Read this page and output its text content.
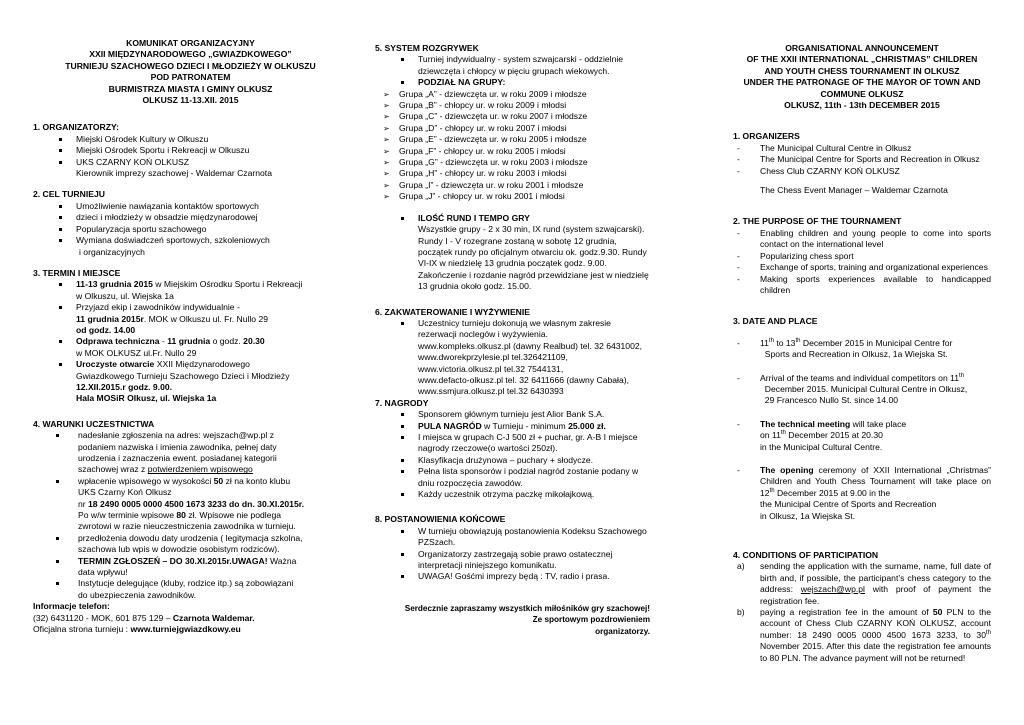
KOMUNIKAT ORGANIZACYJNY
XXII MIĘDZYNARODOWEGO „GWIAZDKOWEGO”
TURNIEJU SZACHOWEGO DZIECI I MŁODZIEŻY W OLKUSZU
POD PATRONATEM
BURMISTRZA MIASTA I GMINY OLKUSZ
OLKUSZ 11-13.XII. 2015
1. ORGANIZATORZY:
Miejski Ośrodek Kultury w Olkuszu
Miejski Ośrodek Sportu i Rekreacji w Olkuszu
UKS CZARNY KOŃ OLKUSZ
Kierownik imprezy szachowej - Waldemar Czarnota
2. CEL TURNIEJU
Umożliwienie nawiązania kontaktów sportowych
dzieci i młodzieży w obsadzie międzynarodowej
Popularyzacja sportu szachowego
Wymiana doświadczeń sportowych, szkoleniowych
i organizacyjnych
3. TERMIN I MIEJSCE
11-13 grudnia 2015 w Miejskim Ośrodku Sportu i Rekreacji
w Olkuszu, ul. Wiejska 1a
Przyjazd ekip i zawodników indywidualnie -
11 grudnia 2015r. MOK w Olkuszu ul. Fr. Nullo 29
od godz. 14.00
Odprawa techniczna - 11 grudnia o godz. 20.30
w MOK OLKUSZ ul.Fr. Nullo 29
Uroczyste otwarcie XXII Międzynarodowego
Gwiazdkowego Turnieju Szachowego Dzieci i Młodzieży
12.XII.2015.r godz. 9.00.
Hala MOSiR Olkusz, ul. Wiejska 1a
4. WARUNKI UCZESTNICTWA
nadesłanie zgłoszenia na adres: wejszach@wp.pl z
podaniem nazwiska i imienia zawodnika, pełnej daty
urodzenia i zaznaczenia ewent. posiadanej kategorii
szachowej wraz z potwierdzeniem wpisowego
wpłacenie wpisowego w wysokości 50 zł na konto klubu
UKS Czarny Koń Olkusz
nr 18 2490 0005 0000 4500 1673 3233 do dn. 30.XI.2015r.
Po w/w terminie wpisowe 80 zł. Wpisowe nie podlega
zwrotowi w razie nieuczestniczenia zawodnika w turnieju.
przedłożenia dowodu daty urodzenia ( legitymacja szkolna,
szachowa lub wpis w dowodzie osobistym rodziców).
TERMIN ZGŁOSZEŃ – DO 30.XI.2015r.UWAGA! Ważna
data wpływu!
Instytucje delegujące (kluby, rodzice itp.) są zobowiązani
do ubezpieczenia zawodników.
Informacje telefon:
(32) 6431120 - MOK, 601 875 129 – Czarnota Waldemar.
Oficjalna strona turnieju : www.turniejgwiazdkowy.eu
5. SYSTEM ROZGRYWEK
Turniej indywidualny - system szwajcarski - oddzielnie
dziewczęta i chłopcy w pięciu grupach wiekowych.
PODZIAŁ NA GRUPY:
➢ Grupa „A” - dziewczęta ur. w roku 2009 i młodsze
➢ Grupa „B” - chłopcy ur. w roku 2009 i młodsi
➢ Grupa „C” - dziewczęta ur. w roku 2007 i młodsze
➢ Grupa „D” - chłopcy ur. w roku 2007 i młodsi
➢ Grupa „E” - dziewczęta ur. w roku 2005 i młodsze
➢ Grupa „F” - chłopcy ur. w roku 2005 i młodsi
➢ Grupa „G” - dziewczęta ur. w roku 2003 i młodsze
➢ Grupa „H” - chłopcy ur. w roku 2003 i młodsi
➢ Grupa „I” - dziewczęta ur. w roku 2001 i młodsze
➢ Grupa „J” - chłopcy ur. w roku 2001 i młodsi
ILOŚĆ RUND I TEMPO GRY
Wszystkie grupy - 2 x 30 min, IX rund (system szwajcarski).
Rundy I - V rozegrane zostaną w sobotę 12 grudnia,
początek rundy po oficjalnym otwarciu ok. godz.9.30. Rundy
VI-IX w niedzielę 13 grudnia początek godz. 9.00.
Zakończenie i rozdanie nagród przewidziane jest w niedzielę
13 grudnia około godz. 15.00.
6. ZAKWATEROWANIE I WYŻYWIENIE
Uczestnicy turnieju dokonują we własnym zakresie
rezerwacji noclegów i wyżywienia.
www.kompleks.olkusz.pl (dawny Realbud) tel. 32 6431002,
www.dworekprzylesie.pl tel.326421109,
www.victoria.olkusz.pl tel.32 7544131,
www.defacto-olkusz.pl tel. 32 6411666 (dawny Cabała),
www.ssmjura.olkusz.pl tel.32 6430393
7. NAGRODY
Sponsorem głównym turnieju jest Alior Bank S.A.
PULA NAGRÓD w Turnieju - minimum 25.000 zł.
I miejsca w grupach C-J 500 zł + puchar, gr. A-B I miejsce
nagrody rzeczowe(o wartości 250zł).
Klasyfikacja drużynowa – puchary + słodycze.
Pełna lista sponsorów i podział nagród zostanie podany w
dniu rozpoczęcia zawodów.
Każdy uczestnik otrzyma paczkę mikołajkową.
8. POSTANOWIENIA KOŃCOWE
W turnieju obowiązują postanowienia Kodeksu Szachowego
PZSzach.
Organizatorzy zastrzegają sobie prawo ostatecznej
interpretacji niniejszego komunikatu.
UWAGA! Gośćmi imprezy będą : TV, radio i prasa.
Serdecznie zapraszamy wszystkich miłośników gry szachowej!
Ze sportowym pozdrowieniem
organizatorzy.
ORGANISATIONAL ANNOUNCEMENT
OF THE XXII INTERNATIONAL „CHRISTMAS” CHILDREN
AND YOUTH CHESS TOURNAMENT IN OLKUSZ
UNDER THE PATRONAGE OF THE MAYOR OF TOWN AND
COMMUNE OLKUSZ
OLKUSZ, 11th - 13th DECEMBER 2015
1. ORGANIZERS
- The Municipal Cultural Centre in Olkusz
- The Municipal Centre for Sports and Recreation in Olkusz
- Chess Club CZARNY KOŃ OLKUSZ
The Chess Event Manager – Waldemar Czarnota
2. THE PURPOSE OF THE TOURNAMENT
- Enabling children and young people to come into sports contact on the international level
- Popularizing chess sport
- Exchange of sports, training and organizational experiences
- Making sports experiences available to handicapped children
3. DATE AND PLACE
- 11th to 13th December 2015 in Municipal Centre for
Sports and Recreation in Olkusz, 1a Wiejska St.
- Arrival of the teams and individual competitors on 11th
December 2015. Municipal Cultural Centre in Olkusz,
29 Francesco Nullo St. since 14.00
- The technical meeting will take place
on 11th December 2015 at 20.30
in the Municipal Cultural Centre.
- The opening ceremony of XXII International „Christmas” Children and Youth Chess Tournament will take place on 12th December 2015 at 9.00 in the
the Municipal Centre of Sports and Recreation
in Olkusz, 1a Wiejska St.
4. CONDITIONS OF PARTICIPATION
a) sending the application with the surname, name, full date of birth and, if possible, the participant’s chess category to the address: wejszach@wp.pl with proof of payment the registration fee.
b) paying a registration fee in the amount of 50 PLN to the account of Chess Club CZARNY KOŃ OLKUSZ, account number: 18 2490 0005 0000 4500 1673 3233, to 30th November 2015. After this date the registration fee amounts to 80 PLN. The advance payment will not be returned!
